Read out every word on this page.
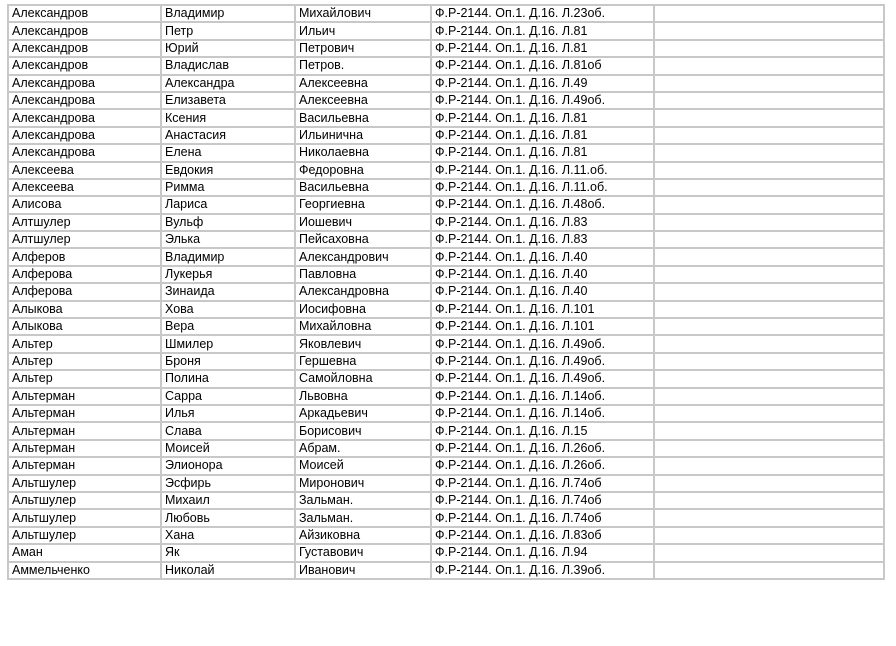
Александров	Владимир	Михайлович	Ф.Р-2144. Оп.1. Д.16. Л.23об.	
Александров	Петр	Ильич	Ф.Р-2144. Оп.1. Д.16. Л.81	
Александров	Юрий	Петрович	Ф.Р-2144. Оп.1. Д.16. Л.81	
Александров	Владислав	Петров.	Ф.Р-2144. Оп.1. Д.16. Л.81об	
Александрова	Александра	Алексеевна	Ф.Р-2144. Оп.1. Д.16. Л.49	
Александрова	Елизавета	Алексеевна	Ф.Р-2144. Оп.1. Д.16. Л.49об.	
Александрова	Ксения	Васильевна	Ф.Р-2144. Оп.1. Д.16. Л.81	
Александрова	Анастасия	Ильинична	Ф.Р-2144. Оп.1. Д.16. Л.81	
Александрова	Елена	Николаевна	Ф.Р-2144. Оп.1. Д.16. Л.81	
Алексеева	Евдокия	Федоровна	Ф.Р-2144. Оп.1. Д.16. Л.11.об.	
Алексеева	Римма	Васильевна	Ф.Р-2144. Оп.1. Д.16. Л.11.об.	
Алисова	Лариса	Георгиевна	Ф.Р-2144. Оп.1. Д.16. Л.48об.	
Алтшулер	Вульф	Иошевич	Ф.Р-2144. Оп.1. Д.16. Л.83	
Алтшулер	Элька	Пейсаховна	Ф.Р-2144. Оп.1. Д.16. Л.83	
Алферов	Владимир	Александрович	Ф.Р-2144. Оп.1. Д.16. Л.40	
Алферова	Лукерья	Павловна	Ф.Р-2144. Оп.1. Д.16. Л.40	
Алферова	Зинаида	Александровна	Ф.Р-2144. Оп.1. Д.16. Л.40	
Алыкова	Хова	Иосифовна	Ф.Р-2144. Оп.1. Д.16. Л.101	
Алыкова	Вера	Михайловна	Ф.Р-2144. Оп.1. Д.16. Л.101	
Альтер	Шмилер	Яковлевич	Ф.Р-2144. Оп.1. Д.16. Л.49об.	
Альтер	Броня	Гершевна	Ф.Р-2144. Оп.1. Д.16. Л.49об.	
Альтер	Полина	Самойловна	Ф.Р-2144. Оп.1. Д.16. Л.49об.	
Альтерман	Сарра	Львовна	Ф.Р-2144. Оп.1. Д.16. Л.14об.	
Альтерман	Илья	Аркадьевич	Ф.Р-2144. Оп.1. Д.16. Л.14об.	
Альтерман	Слава	Борисович	Ф.Р-2144. Оп.1. Д.16. Л.15	
Альтерман	Моисей	Абрам.	Ф.Р-2144. Оп.1. Д.16. Л.26об.	
Альтерман	Элионора	Моисей	Ф.Р-2144. Оп.1. Д.16. Л.26об.	
Альтшулер	Эсфирь	Миронович	Ф.Р-2144. Оп.1. Д.16. Л.74об	
Альтшулер	Михаил	Зальман.	Ф.Р-2144. Оп.1. Д.16. Л.74об	
Альтшулер	Любовь	Зальман.	Ф.Р-2144. Оп.1. Д.16. Л.74об	
Альтшулер	Хана	Айзиковна	Ф.Р-2144. Оп.1. Д.16. Л.83об	
Аман	Як	Густавович	Ф.Р-2144. Оп.1. Д.16. Л.94	
Аммельченко	Николай	Иванович	Ф.Р-2144. Оп.1. Д.16. Л.39об.	
